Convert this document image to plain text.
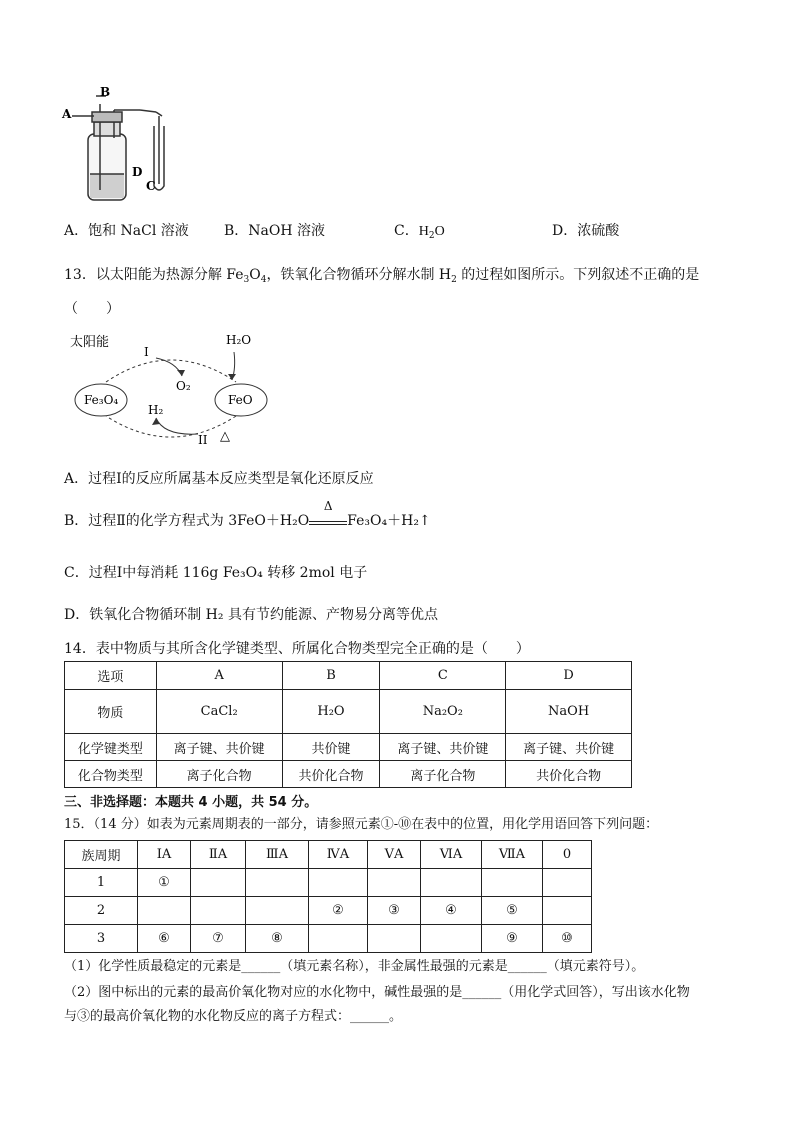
A
B
C
D
A．饱和 NaCl 溶液	B．NaOH 溶液	C．$H_2O$	D．浓硫酸
13．以太阳能为热源分解 $Fe_3O_4$，铁氧化合物循环分解水制 $H_2$ 的过程如图所示。下列叙述不正确的是
（　　）
太阳能	H₂O
I
O₂
Fe₃O₄	FeO
H₂
II △
A．过程Ⅰ的反应所属基本反应类型是氧化还原反应
B．过程Ⅱ的化学方程式为 3FeO＋H₂O
Δ
Fe₃O₄＋H₂↑
C．过程Ⅰ中每消耗 116g Fe₃O₄ 转移 2mol 电子
D．铁氧化合物循环制 H₂ 具有节约能源、产物易分离等优点
14．表中物质与其所含化学键类型、所属化合物类型完全正确的是（　　）
选项	A	B	C	D
物质	CaCl₂	H₂O	Na₂O₂	NaOH
化学键类型	离子键、共价键	共价键	离子键、共价键	离子键、共价键
化合物类型	离子化合物	共价化合物	离子化合物	共价化合物
三、非选择题：本题共 4 小题，共 54 分。
15．（14 分）如表为元素周期表的一部分，请参照元素①-⑩在表中的位置，用化学用语回答下列问题：
族周期	ⅠA	ⅡA	ⅢA	ⅣA	ⅤA	ⅥA	ⅦA	0
1	①							
2				②	③	④	⑤	
3	⑥	⑦	⑧				⑨	⑩
（1）化学性质最稳定的元素是______（填元素名称），非金属性最强的元素是______（填元素符号）。
（2）图中标出的元素的最高价氧化物对应的水化物中，碱性最强的是______（用化学式回答），写出该水化物
与③的最高价氧化物的水化物反应的离子方程式：______。
